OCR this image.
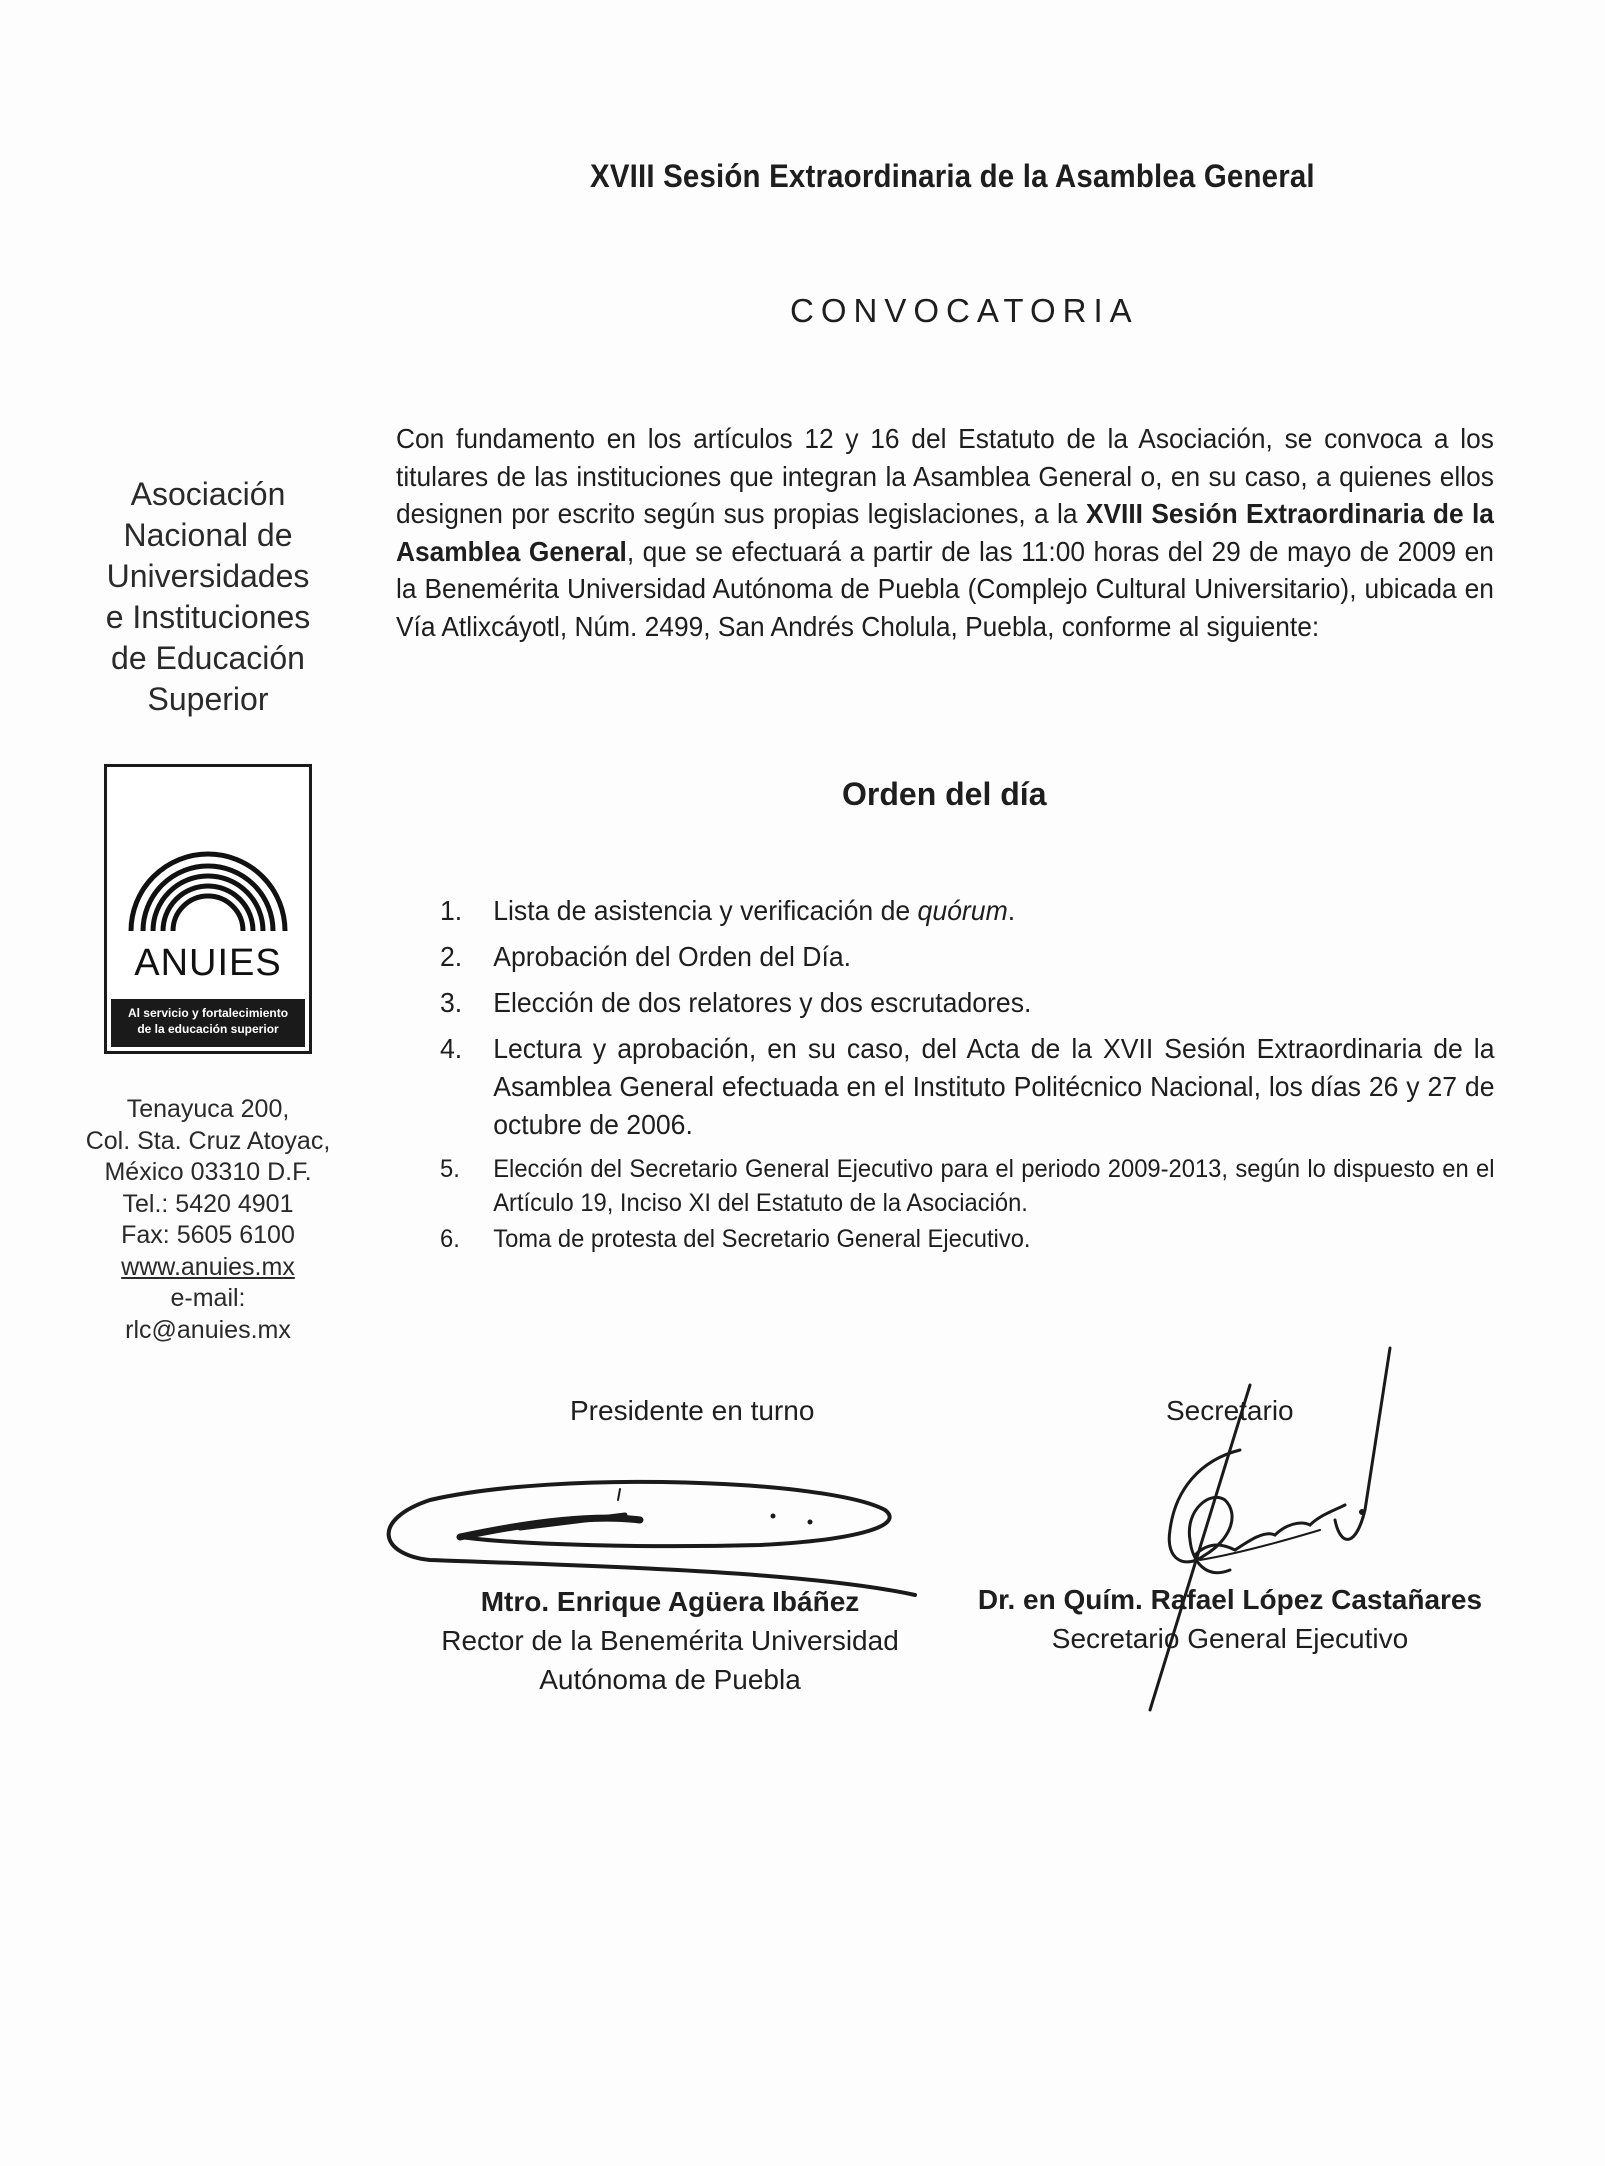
XVIII Sesión Extraordinaria de la Asamblea General
CONVOCATORIA
Asociación
Nacional de
Universidades
e Instituciones
de Educación
Superior
ANUIES
Al servicio y fortalecimiento
de la educación superior
Tenayuca 200,
Col. Sta. Cruz Atoyac,
México 03310 D.F.
Tel.: 5420 4901
Fax: 5605 6100
www.anuies.mx
e-mail:
rlc@anuies.mx
Con fundamento en los artículos 12 y 16 del Estatuto de la Asociación, se convoca a los titulares de las instituciones que integran la Asamblea General o, en su caso, a quienes ellos designen por escrito según sus propias legislaciones, a la XVIII Sesión Extraordinaria de la Asamblea General, que se efectuará a partir de las 11:00 horas del 29 de mayo de 2009 en la Benemérita Universidad Autónoma de Puebla (Complejo Cultural Universitario), ubicada en Vía Atlixcáyotl, Núm. 2499, San Andrés Cholula, Puebla, conforme al siguiente:
Orden del día
1.	Lista de asistencia y verificación de quórum.
2.	Aprobación del Orden del Día.
3.	Elección de dos relatores y dos escrutadores.
4.	Lectura y aprobación, en su caso, del Acta de la XVII Sesión Extraordinaria de la Asamblea General efectuada en el Instituto Politécnico Nacional, los días 26 y 27 de octubre de 2006.
5.	Elección del Secretario General Ejecutivo para el periodo 2009-2013, según lo dispuesto en el Artículo 19, Inciso XI del Estatuto de la Asociación.
6.	Toma de protesta del Secretario General Ejecutivo.
Presidente en turno	Secretario
Mtro. Enrique Agüera Ibáñez
Rector de la Benemérita Universidad
Autónoma de Puebla
Dr. en Quím. Rafael López Castañares
Secretario General Ejecutivo
